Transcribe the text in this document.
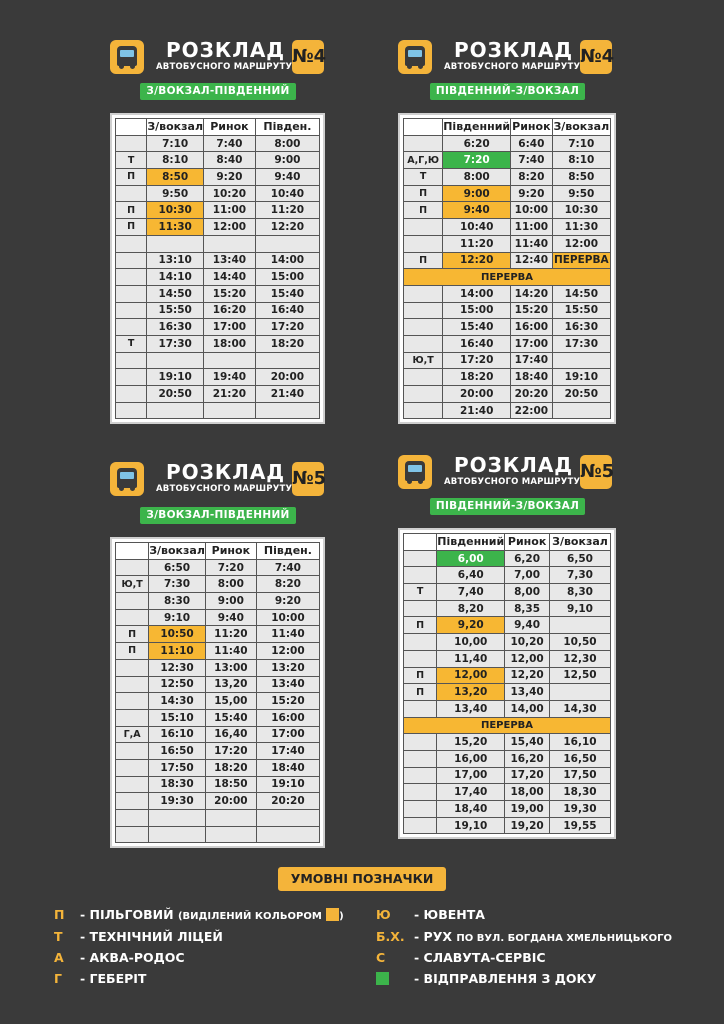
РОЗКЛАД
АВТОБУСНОГО МАРШРУТУ №4
З/ВОКЗАЛ-ПІВДЕННИЙ
	З/вокзал	Ринок	Півден.
	7:10	7:40	8:00
Т	8:10	8:40	9:00
П	8:50	9:20	9:40
	9:50	10:20	10:40
П	10:30	11:00	11:20
П	11:30	12:00	12:20

	13:10	13:40	14:00
	14:10	14:40	15:00
	14:50	15:20	15:40
	15:50	16:20	16:40
	16:30	17:00	17:20
Т	17:30	18:00	18:20

	19:10	19:40	20:00
	20:50	21:20	21:40

РОЗКЛАД
АВТОБУСНОГО МАРШРУТУ №4
ПІВДЕННИЙ-З/ВОКЗАЛ
	Південний	Ринок	З/вокзал
	6:20	6:40	7:10
А,Г,Ю	7:20	7:40	8:10
Т	8:00	8:20	8:50
П	9:00	9:20	9:50
П	9:40	10:00	10:30
	10:40	11:00	11:30
	11:20	11:40	12:00
П	12:20	12:40	ПЕРЕРВА
ПЕРЕРВА			
	14:00	14:20	14:50
	15:00	15:20	15:50
	15:40	16:00	16:30
	16:40	17:00	17:30
Ю,Т	17:20	17:40	
	18:20	18:40	19:10
	20:00	20:20	20:50
	21:40	22:00	
РОЗКЛАД
АВТОБУСНОГО МАРШРУТУ №5
З/ВОКЗАЛ-ПІВДЕННИЙ
	З/вокзал	Ринок	Півден.
	6:50	7:20	7:40
Ю,Т	7:30	8:00	8:20
	8:30	9:00	9:20
	9:10	9:40	10:00
П	10:50	11:20	11:40
П	11:10	11:40	12:00
	12:30	13:00	13:20
	12:50	13,20	13:40
	14:30	15,00	15:20
	15:10	15:40	16:00
Г,А	16:10	16,40	17:00
	16:50	17:20	17:40
	17:50	18:20	18:40
	18:30	18:50	19:10
	19:30	20:00	20:20

РОЗКЛАД
АВТОБУСНОГО МАРШРУТУ №5
ПІВДЕННИЙ-З/ВОКЗАЛ
	Південний	Ринок	З/вокзал
	6,00	6,20	6,50
	6,40	7,00	7,30
Т	7,40	8,00	8,30
	8,20	8,35	9,10
П	9,20	9,40	
	10,00	10,20	10,50
	11,40	12,00	12,30
П	12,00	12,20	12,50
П	13,20	13,40	
	13,40	14,00	14,30
ПЕРЕРВА			
	15,20	15,40	16,10
	16,00	16,20	16,50
	17,00	17,20	17,50
	17,40	18,00	18,30
	18,40	19,00	19,30
	19,10	19,20	19,55
УМОВНІ ПОЗНАЧКИ
П - ПІЛЬГОВИЙ (ВИДІЛЕНИЙ КОЛЬОРОМ )
Т - ТЕХНІЧНИЙ ЛІЦЕЙ
А - АКВА-РОДОС
Г - ГЕБЕРІТ
Ю - ЮВЕНТА
Б.Х. - РУХ ПО ВУЛ. БОГДАНА ХМЕЛЬНИЦЬКОГО
С - СЛАВУТА-СЕРВІС
- ВІДПРАВЛЕННЯ З ДОКУ
